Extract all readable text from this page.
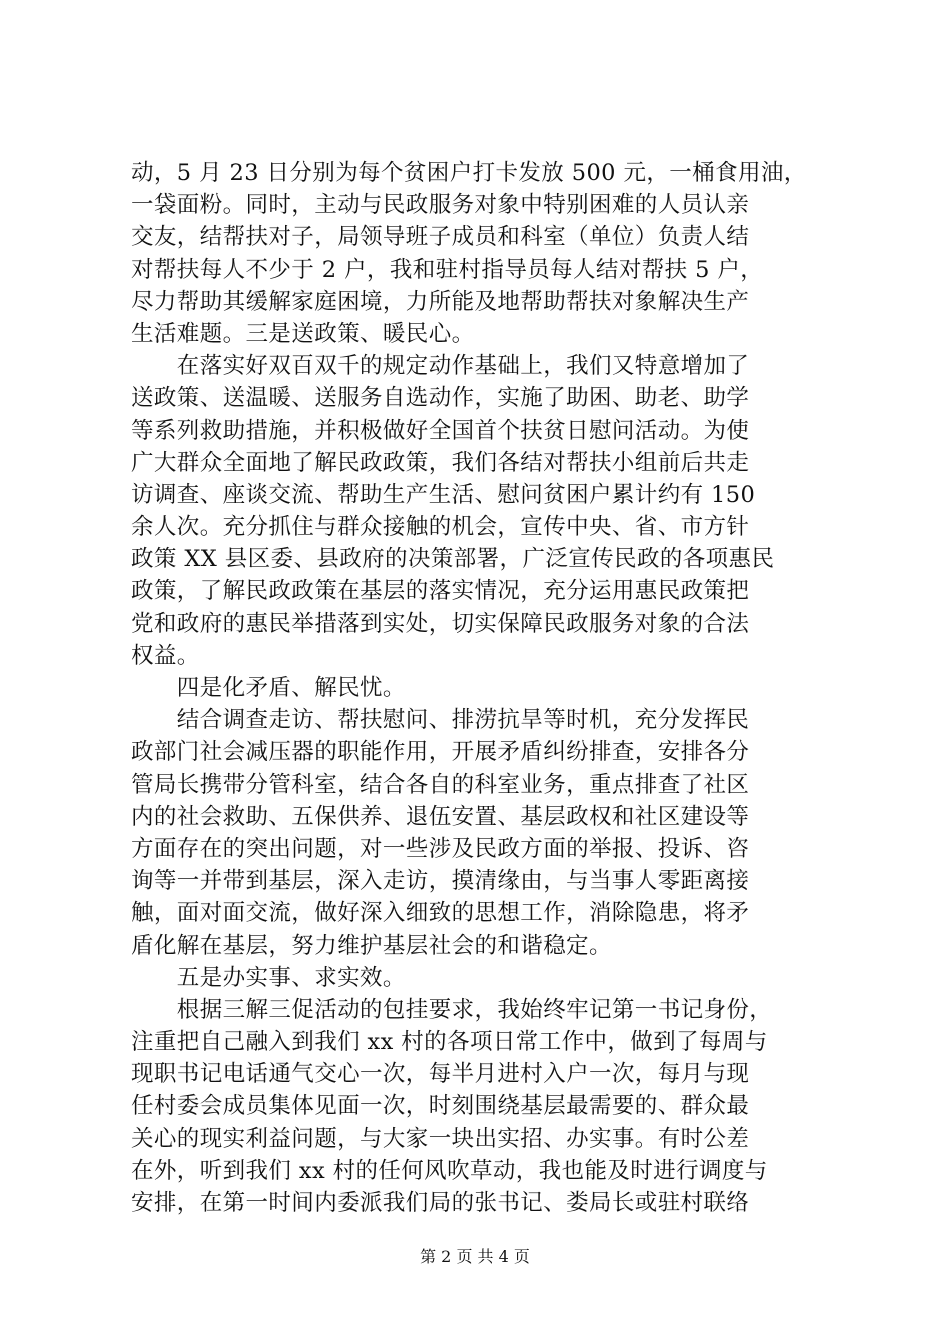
动，5 月 23 日分别为每个贫困户打卡发放 500 元，一桶食用油，
一袋面粉。同时，主动与民政服务对象中特别困难的人员认亲
交友，结帮扶对子，局领导班子成员和科室（单位）负责人结
对帮扶每人不少于 2 户，我和驻村指导员每人结对帮扶 5 户，
尽力帮助其缓解家庭困境，力所能及地帮助帮扶对象解决生产
生活难题。三是送政策、暖民心。
　　在落实好双百双千的规定动作基础上，我们又特意增加了
送政策、送温暖、送服务自选动作，实施了助困、助老、助学
等系列救助措施，并积极做好全国首个扶贫日慰问活动。为使
广大群众全面地了解民政政策，我们各结对帮扶小组前后共走
访调查、座谈交流、帮助生产生活、慰问贫困户累计约有 150
余人次。充分抓住与群众接触的机会，宣传中央、省、市方针
政策 XX 县区委、县政府的决策部署，广泛宣传民政的各项惠民
政策，了解民政政策在基层的落实情况，充分运用惠民政策把
党和政府的惠民举措落到实处，切实保障民政服务对象的合法
权益。
　　四是化矛盾、解民忧。
　　结合调查走访、帮扶慰问、排涝抗旱等时机，充分发挥民
政部门社会减压器的职能作用，开展矛盾纠纷排查，安排各分
管局长携带分管科室，结合各自的科室业务，重点排查了社区
内的社会救助、五保供养、退伍安置、基层政权和社区建设等
方面存在的突出问题，对一些涉及民政方面的举报、投诉、咨
询等一并带到基层，深入走访，摸清缘由，与当事人零距离接
触，面对面交流，做好深入细致的思想工作，消除隐患，将矛
盾化解在基层，努力维护基层社会的和谐稳定。
　　五是办实事、求实效。
　　根据三解三促活动的包挂要求，我始终牢记第一书记身份，
注重把自己融入到我们 xx 村的各项日常工作中，做到了每周与
现职书记电话通气交心一次，每半月进村入户一次，每月与现
任村委会成员集体见面一次，时刻围绕基层最需要的、群众最
关心的现实利益问题，与大家一块出实招、办实事。有时公差
在外，听到我们 xx 村的任何风吹草动，我也能及时进行调度与
安排，在第一时间内委派我们局的张书记、娄局长或驻村联络
第 2 页 共 4 页
